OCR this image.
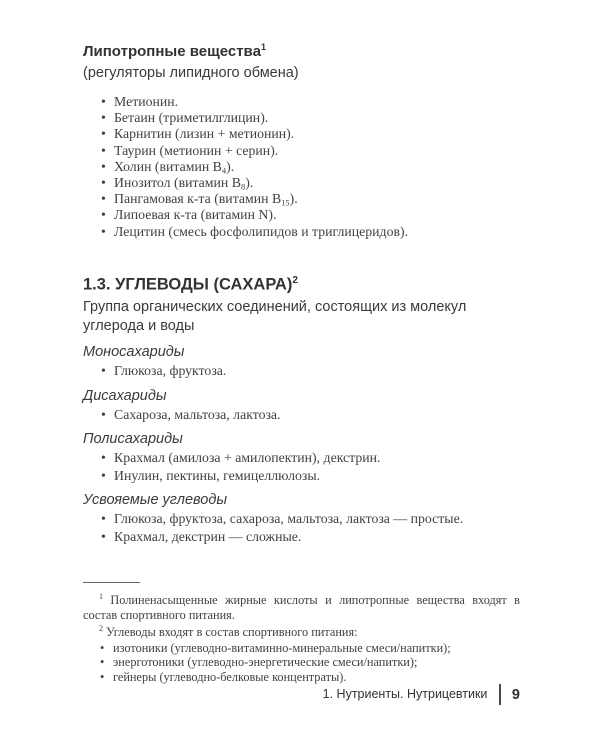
Липотропные вещества$^1$

(регуляторы липидного обмена)

• Метионин.
• Бетаин (триметилглицин).
• Карнитин (лизин + метионин).
• Таурин (метионин + серин).
• Холин (витамин $B_4$).
• Инозитол (витамин $B_8$).
• Пангамовая к-та (витамин $B_{15}$).
• Липоевая к-та (витамин N).
• Лецитин (смесь фосфолипидов и триглицеридов).
1.3. УГЛЕВОДЫ (САХАРА)$^2$

Группа органических соединений, состоящих из молекул углерода и воды

Моносахариды

• Глюкоза, фруктоза.

Дисахариды

• Сахароза, мальтоза, лактоза.

Полисахариды

• Крахмал (амилоза + амилопектин), декстрин.
• Инулин, пектины, гемицеллюлозы.

Усвояемые углеводы

• Глюкоза, фруктоза, сахароза, мальтоза, лактоза — простые.
• Крахмал, декстрин — сложные.

$^1$ Полиненасыщенные жирные кислоты и липотропные вещества входят в состав спортивного питания.

$^2$ Углеводы входят в состав спортивного питания:

• изотоники (углеводно-витаминно-минеральные смеси/напитки);
• энерготоники (углеводно-энергетические смеси/напитки);
• гейнеры (углеводно-белковые концентраты).
1. Нутриенты. Нутрицевтики 9
